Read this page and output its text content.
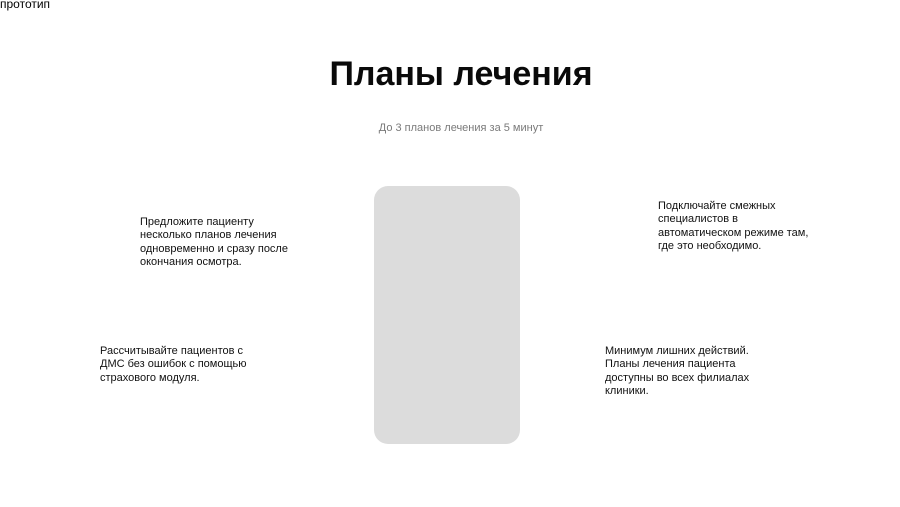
прототип
Планы лечения
До 3 планов лечения за 5 минут
Предложите пациенту
несколько планов лечения
одновременно и сразу после
окончания осмотра.
Подключайте смежных
специалистов в
автоматическом режиме там,
где это необходимо.
Рассчитывайте пациентов с
ДМС без ошибок с помощью
страхового модуля.
Минимум лишних действий.
Планы лечения пациента
доступны во всех филиалах
клиники.
